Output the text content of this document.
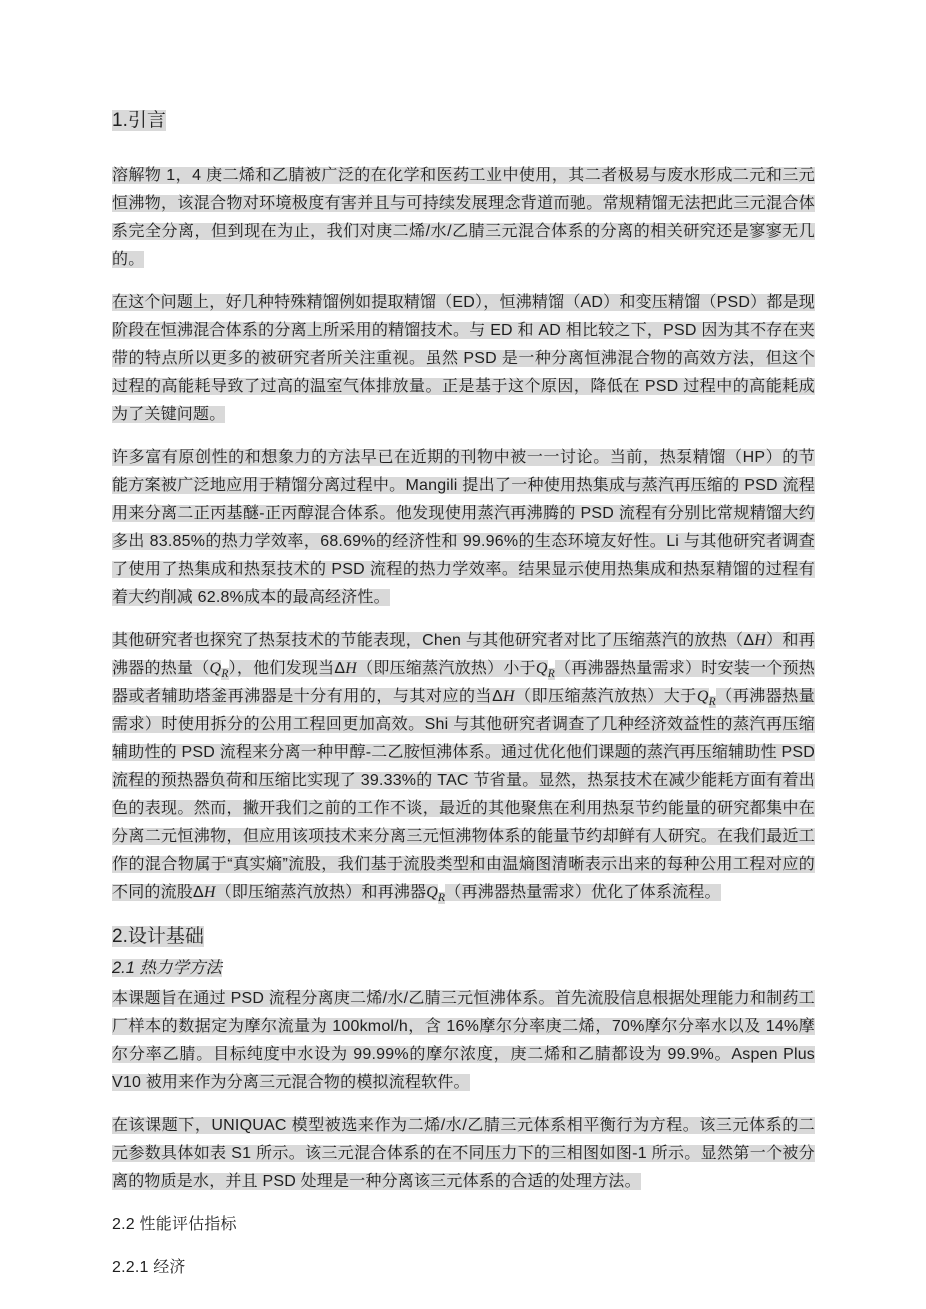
1.引言
溶解物 1，4 庚二烯和乙腈被广泛的在化学和医药工业中使用，其二者极易与废水形成二元和三元恒沸物，该混合物对环境极度有害并且与可持续发展理念背道而驰。常规精馏无法把此三元混合体系完全分离，但到现在为止，我们对庚二烯/水/乙腈三元混合体系的分离的相关研究还是寥寥无几的。
在这个问题上，好几种特殊精馏例如提取精馏（ED），恒沸精馏（AD）和变压精馏（PSD）都是现阶段在恒沸混合体系的分离上所采用的精馏技术。与 ED 和 AD 相比较之下，PSD 因为其不存在夹带的特点所以更多的被研究者所关注重视。虽然 PSD 是一种分离恒沸混合物的高效方法，但这个过程的高能耗导致了过高的温室气体排放量。正是基于这个原因，降低在 PSD 过程中的高能耗成为了关键问题。
许多富有原创性的和想象力的方法早已在近期的刊物中被一一讨论。当前，热泵精馏（HP）的节能方案被广泛地应用于精馏分离过程中。Mangili 提出了一种使用热集成与蒸汽再压缩的 PSD 流程用来分离二正丙基醚-正丙醇混合体系。他发现使用蒸汽再沸腾的 PSD 流程有分别比常规精馏大约多出 83.85%的热力学效率，68.69%的经济性和 99.96%的生态环境友好性。Li 与其他研究者调查了使用了热集成和热泵技术的 PSD 流程的热力学效率。结果显示使用热集成和热泵精馏的过程有着大约削减 62.8%成本的最高经济性。
其他研究者也探究了热泵技术的节能表现，Chen 与其他研究者对比了压缩蒸汽的放热（ΔH）和再沸器的热量$(Q_R)$，他们发现当ΔH（即压缩蒸汽放热）小于$Q_R$（再沸器热量需求）时安装一个预热器或者辅助塔釜再沸器是十分有用的，与其对应的当ΔH（即压缩蒸汽放热）大于$Q_R$（再沸器热量需求）时使用拆分的公用工程回更加高效。Shi 与其他研究者调查了几种经济效益性的蒸汽再压缩辅助性的 PSD 流程来分离一种甲醇-二乙胺恒沸体系。通过优化他们课题的蒸汽再压缩辅助性 PSD 流程的预热器负荷和压缩比实现了 39.33%的 TAC 节省量。显然，热泵技术在减少能耗方面有着出色的表现。然而，撇开我们之前的工作不谈，最近的其他聚焦在利用热泵节约能量的研究都集中在分离二元恒沸物，但应用该项技术来分离三元恒沸物体系的能量节约却鲜有人研究。在我们最近工作的混合物属于“真实熵”流股，我们基于流股类型和由温熵图清晰表示出来的每种公用工程对应的不同的流股ΔH（即压缩蒸汽放热）和再沸器$Q_R$（再沸器热量需求）优化了体系流程。
2.设计基础
2.1 热力学方法
本课题旨在通过 PSD 流程分离庚二烯/水/乙腈三元恒沸体系。首先流股信息根据处理能力和制药工厂样本的数据定为摩尔流量为 100kmol/h，含 16%摩尔分率庚二烯，70%摩尔分率水以及 14%摩尔分率乙腈。目标纯度中水设为 99.99%的摩尔浓度，庚二烯和乙腈都设为 99.9%。Aspen Plus V10 被用来作为分离三元混合物的模拟流程软件。
在该课题下，UNIQUAC 模型被选来作为二烯/水/乙腈三元体系相平衡行为方程。该三元体系的二元参数具体如表 S1 所示。该三元混合体系的在不同压力下的三相图如图-1 所示。显然第一个被分离的物质是水，并且 PSD 处理是一种分离该三元体系的合适的处理方法。
2.2 性能评估指标
2.2.1 经济
